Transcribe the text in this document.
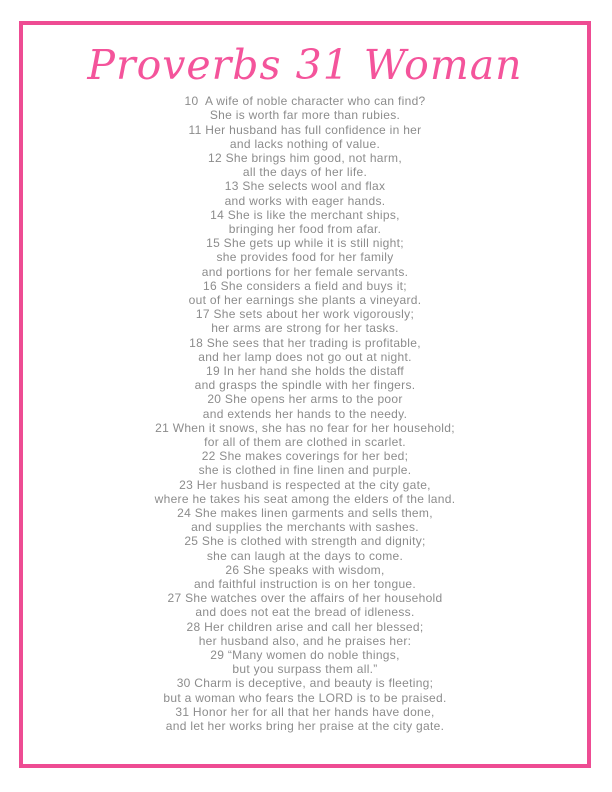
Proverbs 31 Woman
10  A wife of noble character who can find?
She is worth far more than rubies.
11 Her husband has full confidence in her
and lacks nothing of value.
12 She brings him good, not harm,
all the days of her life.
13 She selects wool and flax
and works with eager hands.
14 She is like the merchant ships,
bringing her food from afar.
15 She gets up while it is still night;
she provides food for her family
and portions for her female servants.
16 She considers a field and buys it;
out of her earnings she plants a vineyard.
17 She sets about her work vigorously;
her arms are strong for her tasks.
18 She sees that her trading is profitable,
and her lamp does not go out at night.
19 In her hand she holds the distaff
and grasps the spindle with her fingers.
20 She opens her arms to the poor
and extends her hands to the needy.
21 When it snows, she has no fear for her household;
for all of them are clothed in scarlet.
22 She makes coverings for her bed;
she is clothed in fine linen and purple.
23 Her husband is respected at the city gate,
where he takes his seat among the elders of the land.
24 She makes linen garments and sells them,
and supplies the merchants with sashes.
25 She is clothed with strength and dignity;
she can laugh at the days to come.
26 She speaks with wisdom,
and faithful instruction is on her tongue.
27 She watches over the affairs of her household
and does not eat the bread of idleness.
28 Her children arise and call her blessed;
her husband also, and he praises her:
29 “Many women do noble things,
but you surpass them all.”
30 Charm is deceptive, and beauty is fleeting;
but a woman who fears the LORD is to be praised.
31 Honor her for all that her hands have done,
and let her works bring her praise at the city gate.
